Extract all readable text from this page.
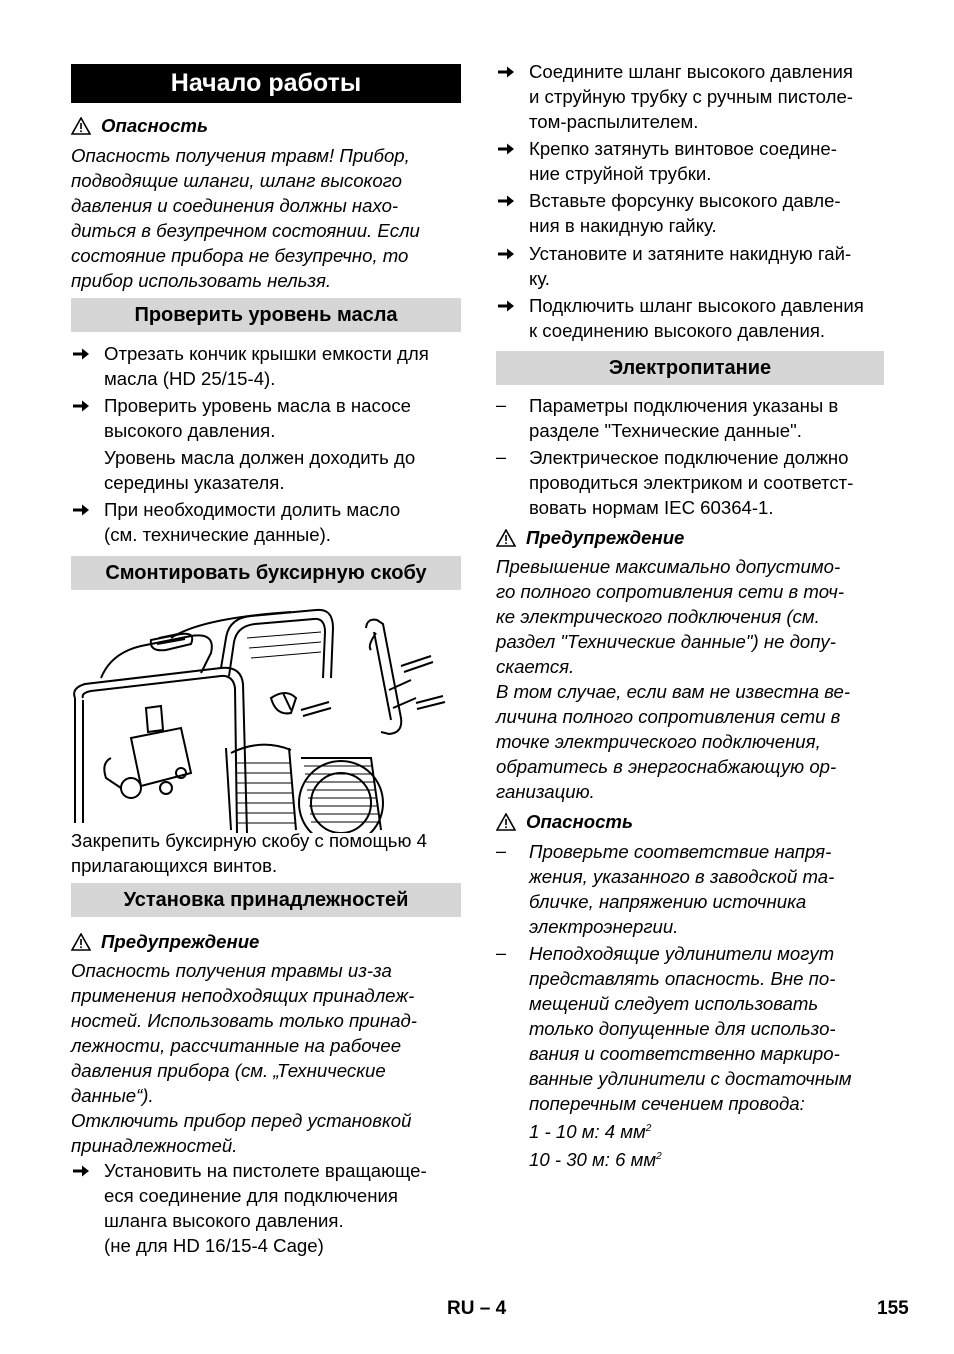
Начало работы
Опасность
Опасность получения травм! Прибор,
подводящие шланги, шланг высокого
давления и соединения должны нахо-
диться в безупречном состоянии. Если
состояние прибора не безупречно, то
прибор использовать нельзя.
Проверить уровень масла
Отрезать кончик крышки емкости для
масла (HD 25/15-4).
Проверить уровень масла в насосе
высокого давления.
Уровень масла должен доходить до
середины указателя.
При необходимости долить масло
(см. технические данные).
Смонтировать буксирную скобу
Закрепить буксирную скобу с помощью 4
прилагающихся винтов.
Установка принадлежностей
Предупреждение
Опасность получения травмы из-за
применения неподходящих принадлеж-
ностей. Использовать только принад-
лежности, рассчитанные на рабочее
давления прибора (см. „Технические
данные“).
Отключить прибор перед установкой
принадлежностей.
Установить на пистолете вращающе-
еся соединение для подключения
шланга высокого давления.
(не для HD 16/15-4 Cage)
Соедините шланг высокого давления
и струйную трубку с ручным пистоле-
том-распылителем.
Крепко затянуть винтовое соедине-
ние струйной трубки.
Вставьте форсунку высокого давле-
ния в накидную гайку.
Установите и затяните накидную гай-
ку.
Подключить шланг высокого давления
к соединению высокого давления.
Электропитание
–	Параметры подключения указаны в
разделе "Технические данные".
–	Электрическое подключение должно
проводиться электриком и соответст-
вовать нормам IEC 60364-1.
Предупреждение
Превышение максимально допустимо-
го полного сопротивления сети в точ-
ке электрического подключения (см.
раздел "Технические данные") не допу-
скается.
В том случае, если вам не известна ве-
личина полного сопротивления сети в
точке электрического подключения,
обратитесь в энергоснабжающую ор-
ганизацию.
Опасность
–	Проверьте соответствие напря-
жения, указанного в заводской та-
бличке, напряжению источника
электроэнергии.
–	Неподходящие удлинители могут
представлять опасность. Вне по-
мещений следует использовать
только допущенные для использо-
вания и соответственно маркиро-
ванные удлинители с достаточным
поперечным сечением провода:
1 - 10 м: 4 $мм^2$
10 - 30 м: 6 $мм^2$
RU – 4	155
